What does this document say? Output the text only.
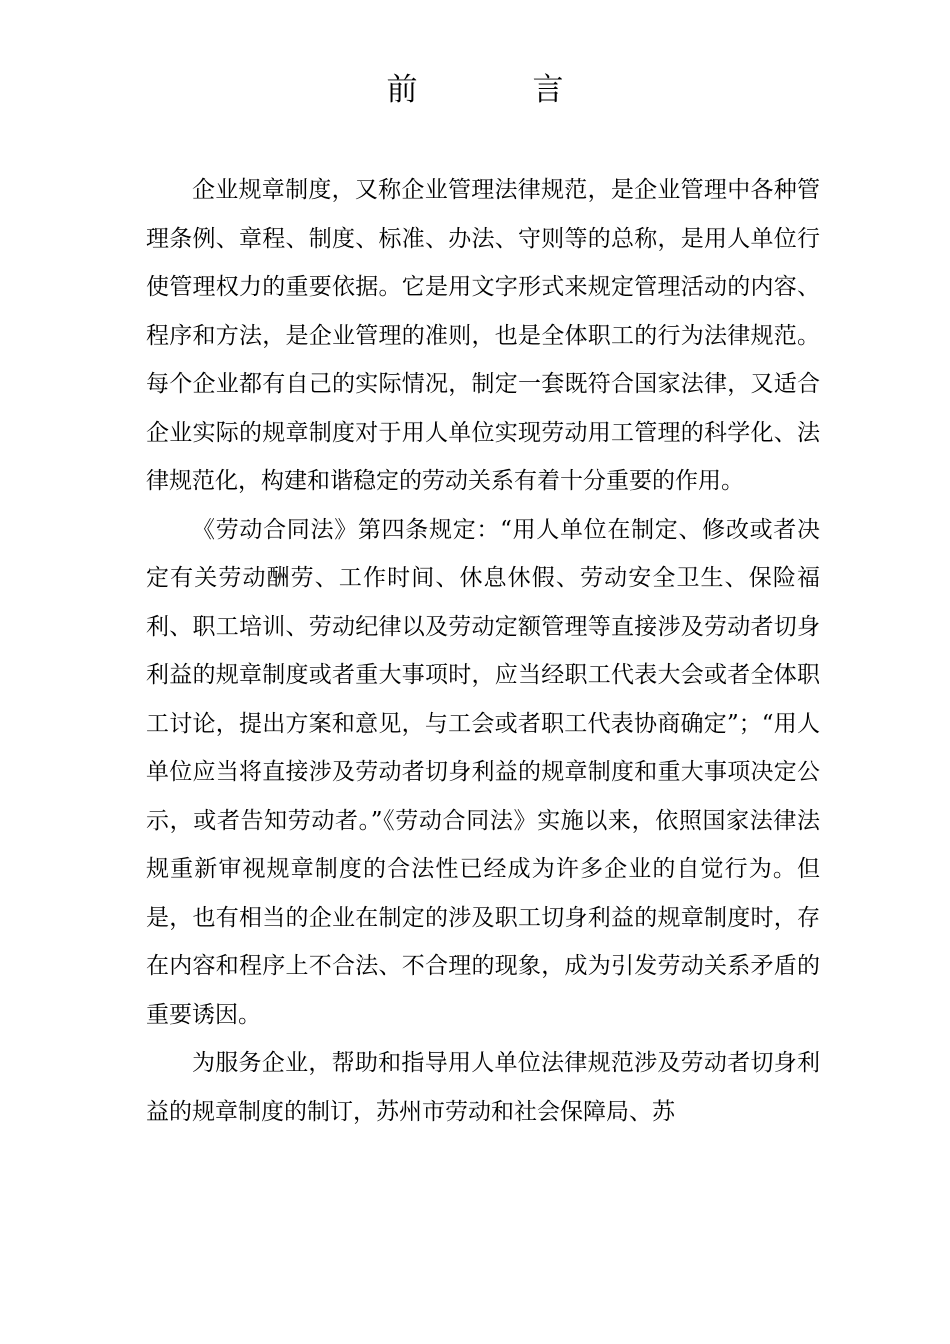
前　言

企业规章制度，又称企业管理法律规范，是企业管理中各种管理条例、章程、制度、标准、办法、守则等的总称，是用人单位行使管理权力的重要依据。它是用文字形式来规定管理活动的内容、程序和方法，是企业管理的准则，也是全体职工的行为法律规范。每个企业都有自己的实际情况，制定一套既符合国家法律，又适合企业实际的规章制度对于用人单位实现劳动用工管理的科学化、法律规范化，构建和谐稳定的劳动关系有着十分重要的作用。

《劳动合同法》第四条规定：“用人单位在制定、修改或者决定有关劳动酬劳、工作时间、休息休假、劳动安全卫生、保险福利、职工培训、劳动纪律以及劳动定额管理等直接涉及劳动者切身利益的规章制度或者重大事项时，应当经职工代表大会或者全体职工讨论，提出方案和意见，与工会或者职工代表协商确定”；“用人单位应当将直接涉及劳动者切身利益的规章制度和重大事项决定公示，或者告知劳动者。”《劳动合同法》实施以来，依照国家法律法规重新审视规章制度的合法性已经成为许多企业的自觉行为。但是，也有相当的企业在制定的涉及职工切身利益的规章制度时，存在内容和程序上不合法、不合理的现象，成为引发劳动关系矛盾的重要诱因。

为服务企业，帮助和指导用人单位法律规范涉及劳动者切身利益的规章制度的制订，苏州市劳动和社会保障局、苏
